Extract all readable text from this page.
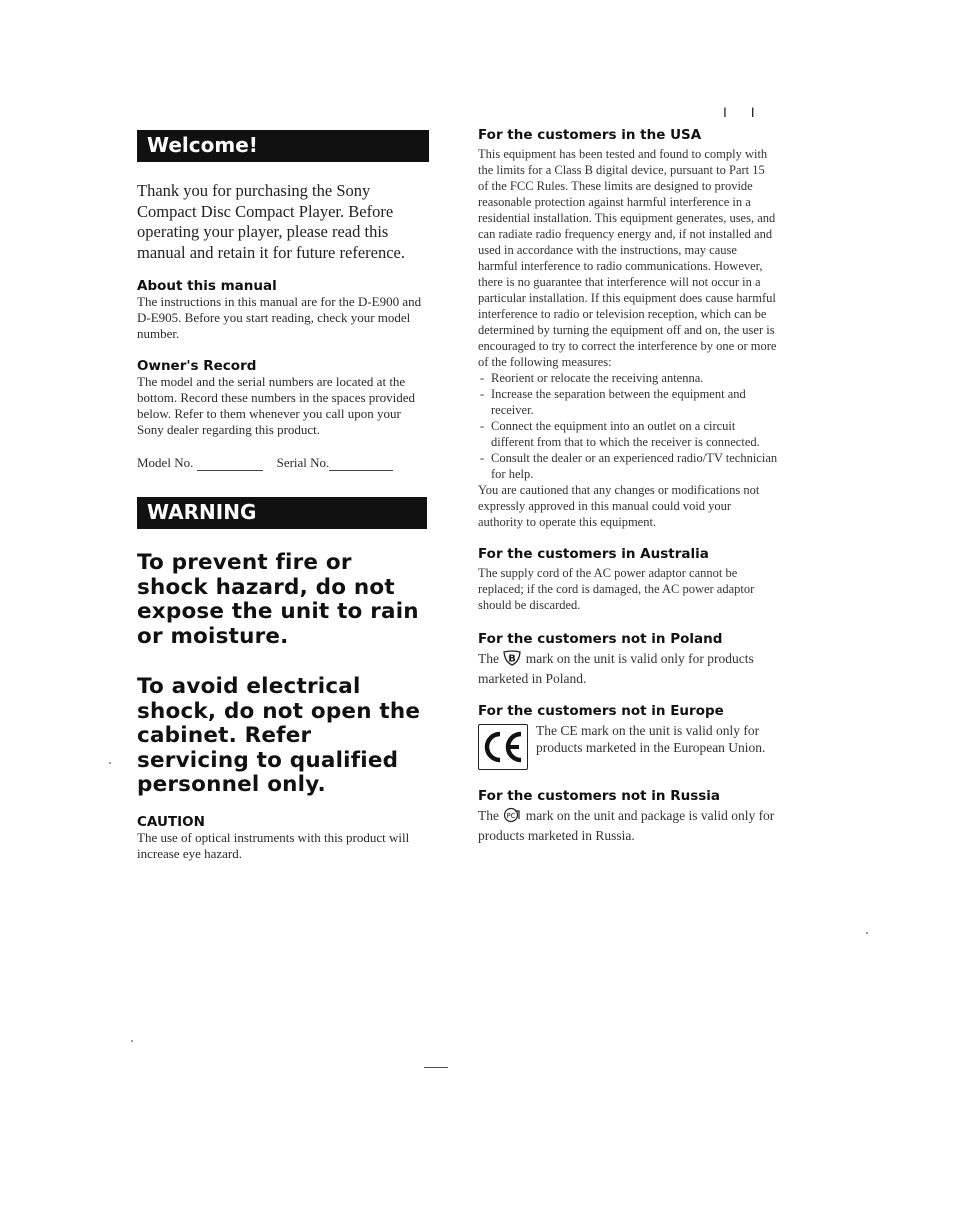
I I
Welcome!
Thank you for purchasing the Sony Compact Disc Compact Player. Before operating your player, please read this manual and retain it for future reference.
About this manual
The instructions in this manual are for the D-E900 and D-E905. Before you start reading, check your model number.
Owner's Record
The model and the serial numbers are located at the bottom. Record these numbers in the spaces provided below. Refer to them whenever you call upon your Sony dealer regarding this product.
Model No.	Serial No.
WARNING
To prevent fire or shock hazard, do not expose the unit to rain or moisture.
To avoid electrical shock, do not open the cabinet. Refer servicing to qualified personnel only.
CAUTION
The use of optical instruments with this product will increase eye hazard.
For the customers in the USA
This equipment has been tested and found to comply with the limits for a Class B digital device, pursuant to Part 15 of the FCC Rules. These limits are designed to provide reasonable protection against harmful interference in a residential installation. This equipment generates, uses, and can radiate radio frequency energy and, if not installed and used in accordance with the instructions, may cause harmful interference to radio communications. However, there is no guarantee that interference will not occur in a particular installation. If this equipment does cause harmful interference to radio or television reception, which can be determined by turning the equipment off and on, the user is encouraged to try to correct the interference by one or more of the following measures:
- Reorient or relocate the receiving antenna.
- Increase the separation between the equipment and receiver.
- Connect the equipment into an outlet on a circuit different from that to which the receiver is connected.
- Consult the dealer or an experienced radio/TV technician for help.
You are cautioned that any changes or modifications not expressly approved in this manual could void your authority to operate this equipment.
For the customers in Australia
The supply cord of the AC power adaptor cannot be replaced; if the cord is damaged, the AC power adaptor should be discarded.
For the customers not in Poland
The B mark on the unit is valid only for products marketed in Poland.
For the customers not in Europe
The CE mark on the unit is valid only for products marketed in the European Union.
For the customers not in Russia
The PC mark on the unit and package is valid only for products marketed in Russia.
